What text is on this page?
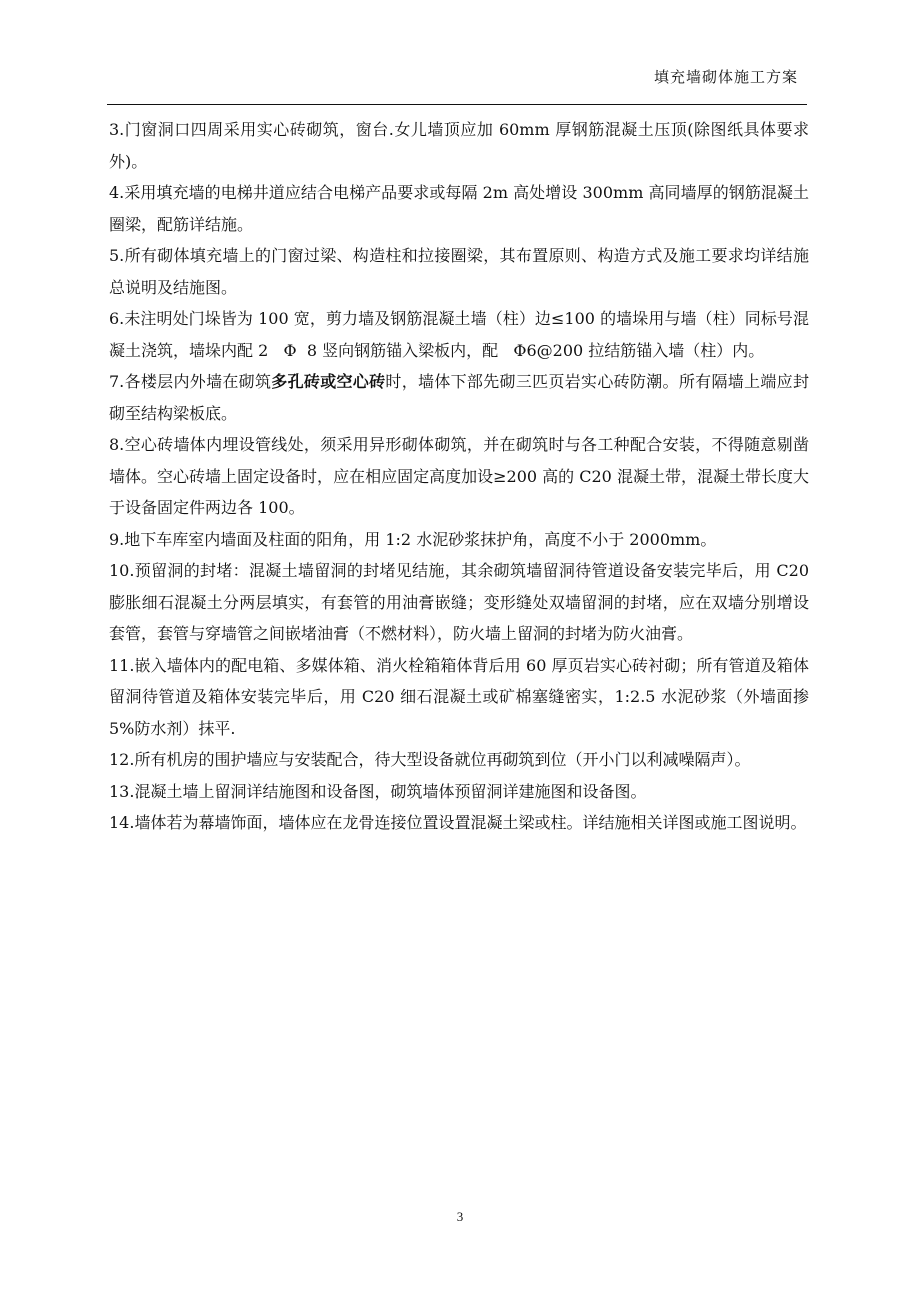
填充墙砌体施工方案

3.门窗洞口四周采用实心砖砌筑，窗台.女儿墙顶应加 60mm 厚钢筋混凝土压顶(除图纸具体要求外)。

4.采用填充墙的电梯井道应结合电梯产品要求或每隔 2m 高处增设 300mm 高同墙厚的钢筋混凝土圈梁，配筋详结施。

5.所有砌体填充墙上的门窗过梁、构造柱和拉接圈梁，其布置原则、构造方式及施工要求均详结施总说明及结施图。

6.未注明处门垛皆为 100 宽，剪力墙及钢筋混凝土墙（柱）边≤100 的墙垛用与墙（柱）同标号混凝土浇筑，墙垛内配 2   Φ  8 竖向钢筋锚入梁板内，配   Φ6@200 拉结筋锚入墙（柱）内。

7.各楼层内外墙在砌筑多孔砖或空心砖时，墙体下部先砌三匹页岩实心砖防潮。所有隔墙上端应封砌至结构梁板底。

8.空心砖墙体内埋设管线处，须采用异形砌体砌筑，并在砌筑时与各工种配合安装，不得随意剔凿墙体。空心砖墙上固定设备时，应在相应固定高度加设≥200 高的 C20 混凝土带，混凝土带长度大于设备固定件两边各 100。

9.地下车库室内墙面及柱面的阳角，用 1:2 水泥砂浆抹护角，高度不小于 2000mm。

10.预留洞的封堵：混凝土墙留洞的封堵见结施，其余砌筑墙留洞待管道设备安装完毕后，用 C20 膨胀细石混凝土分两层填实，有套管的用油膏嵌缝；变形缝处双墙留洞的封堵，应在双墙分别增设套管，套管与穿墙管之间嵌堵油膏（不燃材料），防火墙上留洞的封堵为防火油膏。

11.嵌入墙体内的配电箱、多媒体箱、消火栓箱箱体背后用 60 厚页岩实心砖衬砌；所有管道及箱体留洞待管道及箱体安装完毕后，用 C20 细石混凝土或矿棉塞缝密实，1:2.5 水泥砂浆（外墙面掺 5%防水剂）抹平.

12.所有机房的围护墙应与安装配合，待大型设备就位再砌筑到位（开小门以利减噪隔声）。

13.混凝土墙上留洞详结施图和设备图，砌筑墙体预留洞详建施图和设备图。

14.墙体若为幕墙饰面，墙体应在龙骨连接位置设置混凝土梁或柱。详结施相关详图或施工图说明。

3
